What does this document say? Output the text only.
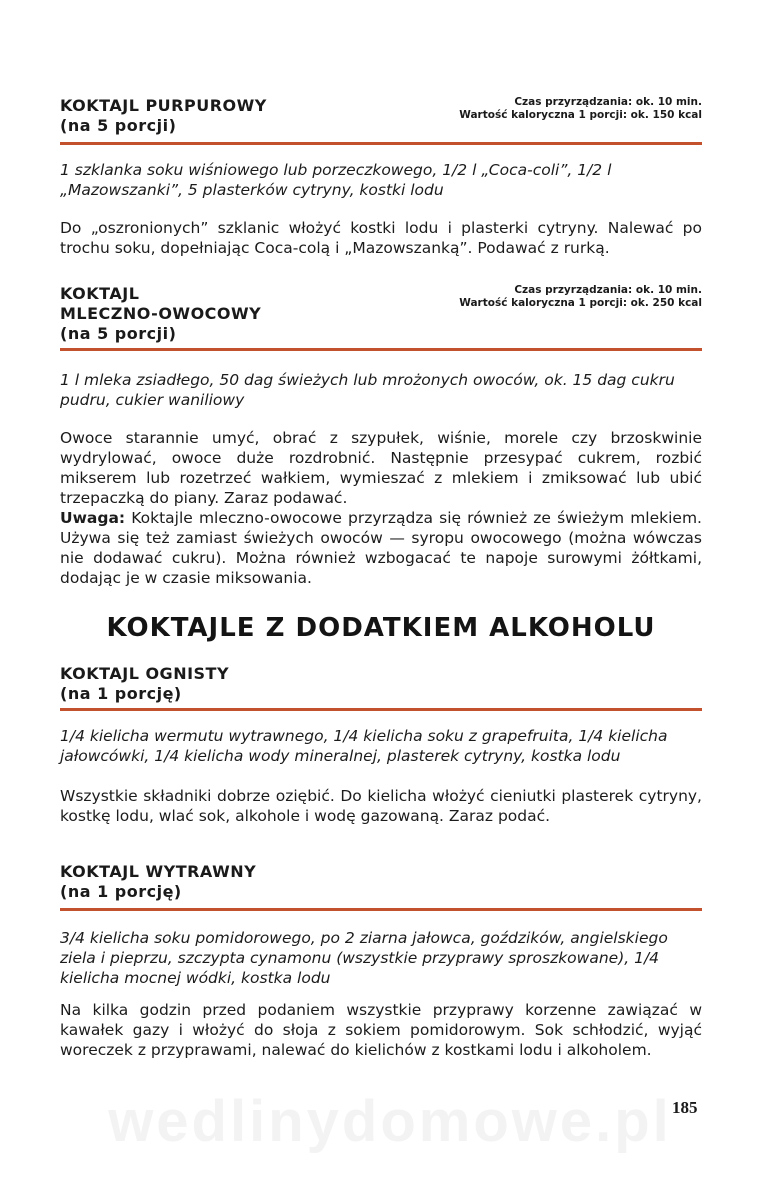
KOKTAJL PURPUROWY
(na 5 porcji)
Czas przyrządzania: ok. 10 min.
Wartość kaloryczna 1 porcji: ok. 150 kcal
1 szklanka soku wiśniowego lub porzeczkowego, 1/2 l „Coca-coli”, 1/2 l „Mazowszanki”, 5 plasterków cytryny, kostki lodu
Do „oszronionych” szklanic włożyć kostki lodu i plasterki cytryny. Nalewać po trochu soku, dopełniając Coca-colą i „Mazowszanką”. Podawać z rurką.
KOKTAJL
MLECZNO-OWOCOWY
(na 5 porcji)
Czas przyrządzania: ok. 10 min.
Wartość kaloryczna 1 porcji: ok. 250 kcal
1 l mleka zsiadłego, 50 dag świeżych lub mrożonych owoców, ok. 15 dag cukru pudru, cukier waniliowy
Owoce starannie umyć, obrać z szypułek, wiśnie, morele czy brzoskwinie wydrylować, owoce duże rozdrobnić. Następnie przesypać cukrem, rozbić mikserem lub rozetrzeć wałkiem, wymieszać z mlekiem i zmiksować lub ubić trzepaczką do piany. Zaraz podawać.
Uwaga: Koktajle mleczno-owocowe przyrządza się również ze świeżym mlekiem. Używa się też zamiast świeżych owoców — syropu owocowego (można wówczas nie dodawać cukru). Można również wzbogacać te napoje surowymi żółtkami, dodając je w czasie miksowania.
KOKTAJLE Z DODATKIEM ALKOHOLU
KOKTAJL OGNISTY
(na 1 porcję)
1/4 kielicha wermutu wytrawnego, 1/4 kielicha soku z grapefruita, 1/4 kielicha jałowcówki, 1/4 kielicha wody mineralnej, plasterek cytryny, kostka lodu
Wszystkie składniki dobrze oziębić. Do kielicha włożyć cieniutki plasterek cytryny, kostkę lodu, wlać sok, alkohole i wodę gazowaną. Zaraz podać.
KOKTAJL WYTRAWNY
(na 1 porcję)
3/4 kielicha soku pomidorowego, po 2 ziarna jałowca, goździków, angielskiego ziela i pieprzu, szczypta cynamonu (wszystkie przyprawy sproszkowane), 1/4 kielicha mocnej wódki, kostka lodu
Na kilka godzin przed podaniem wszystkie przyprawy korzenne zawiązać w kawałek gazy i włożyć do słoja z sokiem pomidorowym. Sok schłodzić, wyjąć woreczek z przyprawami, nalewać do kielichów z kostkami lodu i alkoholem.
wedlinydomowe.pl 185
